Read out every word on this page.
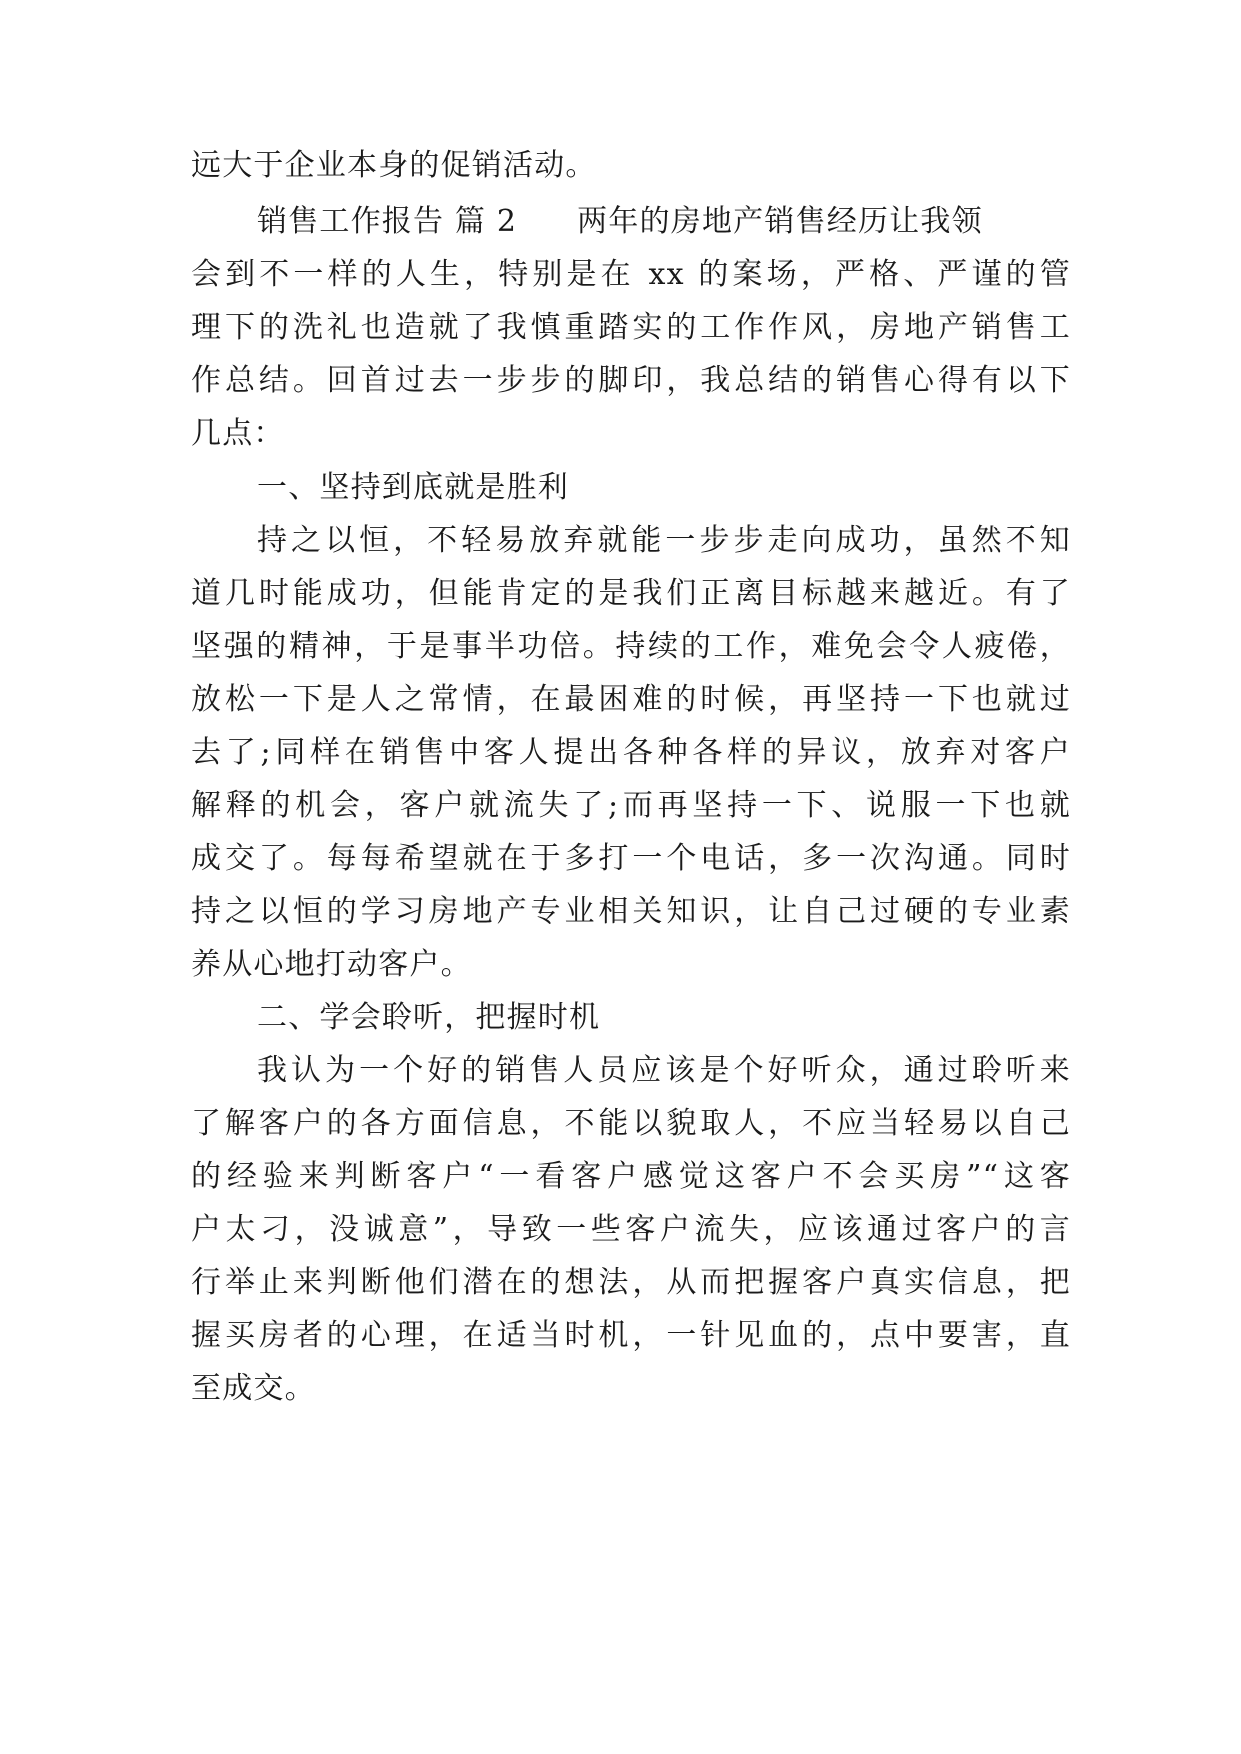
远大于企业本身的促销活动。
销售工作报告 篇 2 两年的房地产销售经历让我领
会到不一样的人生，特别是在 xx 的案场，严格、严谨的管
理下的洗礼也造就了我慎重踏实的工作作风，房地产销售工
作总结。回首过去一步步的脚印，我总结的销售心得有以下
几点：
一、坚持到底就是胜利
持之以恒，不轻易放弃就能一步步走向成功，虽然不知
道几时能成功，但能肯定的是我们正离目标越来越近。有了
坚强的精神，于是事半功倍。持续的工作，难免会令人疲倦，
放松一下是人之常情，在最困难的时候，再坚持一下也就过
去了;同样在销售中客人提出各种各样的异议，放弃对客户
解释的机会，客户就流失了;而再坚持一下、说服一下也就
成交了。每每希望就在于多打一个电话，多一次沟通。同时
持之以恒的学习房地产专业相关知识，让自己过硬的专业素
养从心地打动客户。
二、学会聆听，把握时机
我认为一个好的销售人员应该是个好听众，通过聆听来
了解客户的各方面信息，不能以貌取人，不应当轻易以自己
的经验来判断客户“一看客户感觉这客户不会买房”“这客
户太刁，没诚意”，导致一些客户流失，应该通过客户的言
行举止来判断他们潜在的想法，从而把握客户真实信息，把
握买房者的心理，在适当时机，一针见血的，点中要害，直
至成交。
